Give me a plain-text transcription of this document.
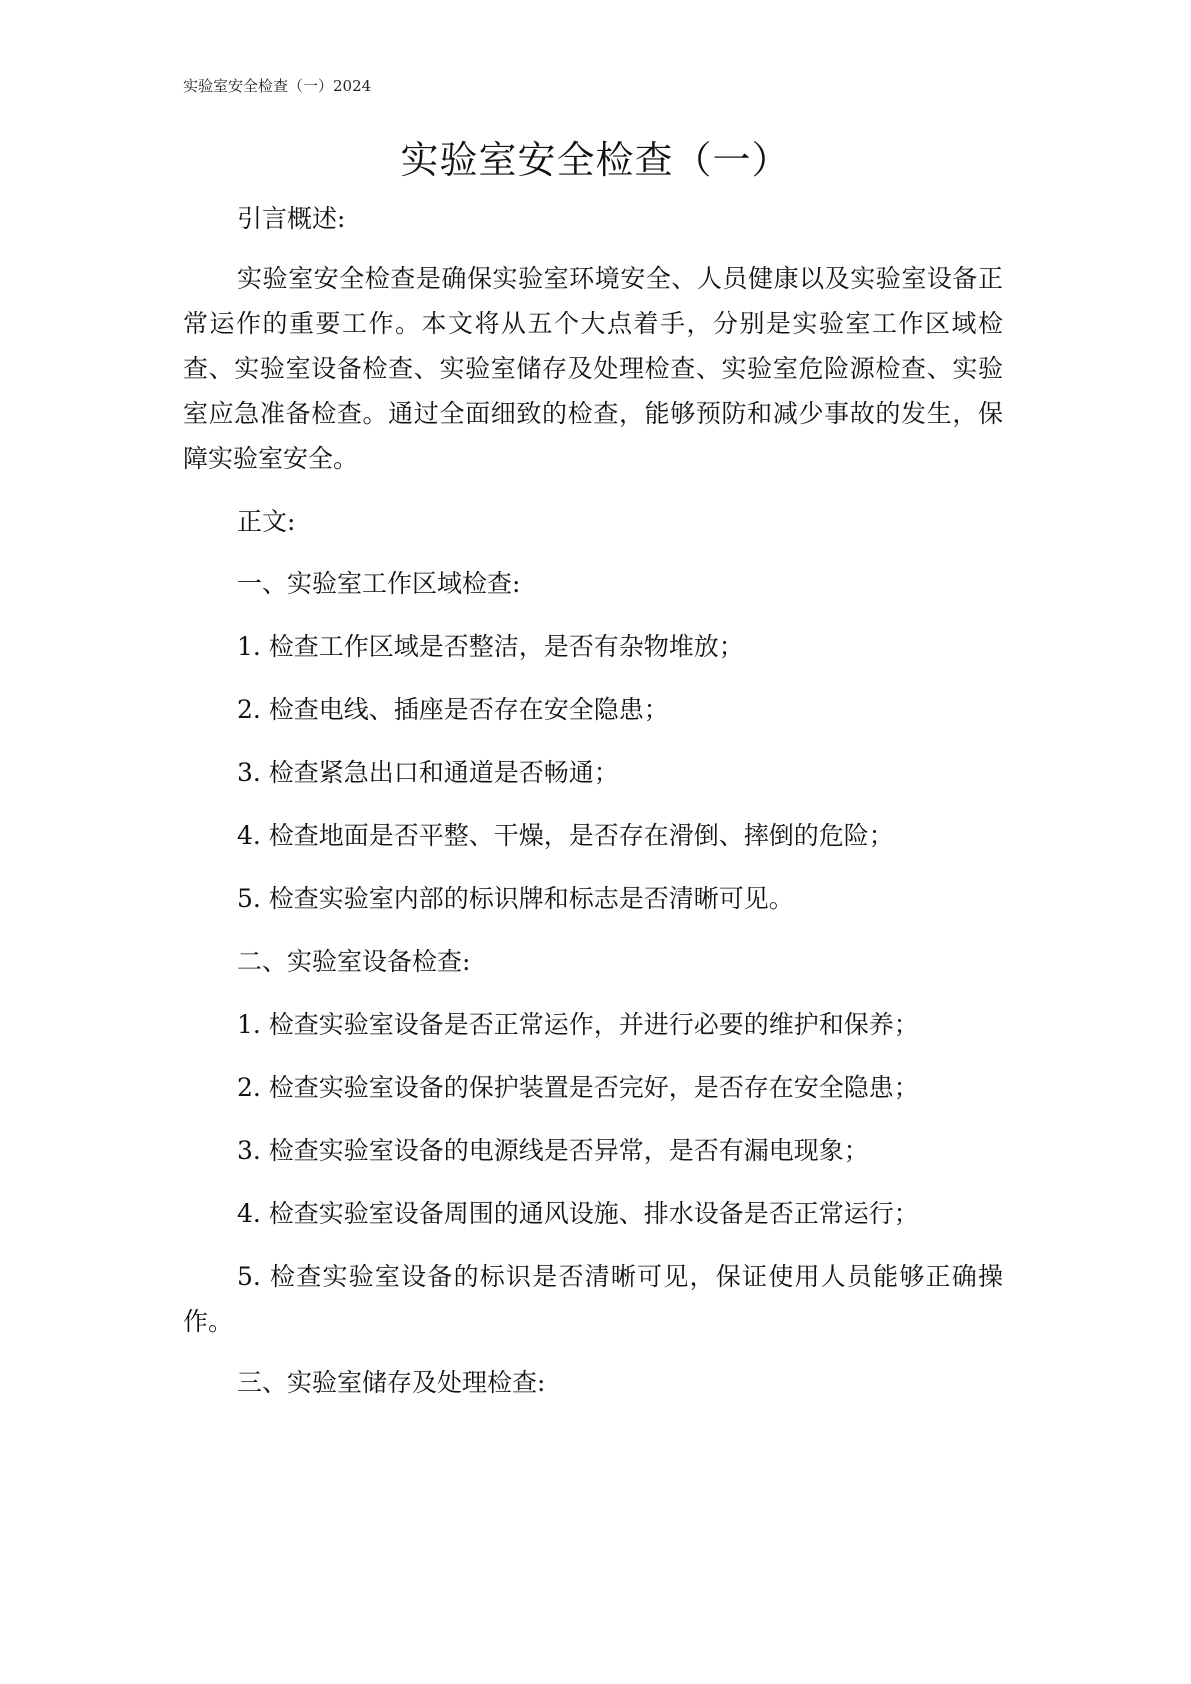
实验室安全检查（一）2024
实验室安全检查（一）

引言概述:

实验室安全检查是确保实验室环境安全、人员健康以及实验室设备正常运作的重要工作。本文将从五个大点着手，分别是实验室工作区域检查、实验室设备检查、实验室储存及处理检查、实验室危险源检查、实验室应急准备检查。通过全面细致的检查，能够预防和减少事故的发生，保障实验室安全。

正文:

一、实验室工作区域检查:

1. 检查工作区域是否整洁，是否有杂物堆放；

2. 检查电线、插座是否存在安全隐患；

3. 检查紧急出口和通道是否畅通；

4. 检查地面是否平整、干燥，是否存在滑倒、摔倒的危险；

5. 检查实验室内部的标识牌和标志是否清晰可见。

二、实验室设备检查:

1. 检查实验室设备是否正常运作，并进行必要的维护和保养；

2. 检查实验室设备的保护装置是否完好，是否存在安全隐患；

3. 检查实验室设备的电源线是否异常，是否有漏电现象；

4. 检查实验室设备周围的通风设施、排水设备是否正常运行；

5. 检查实验室设备的标识是否清晰可见，保证使用人员能够正确操作。

三、实验室储存及处理检查:
